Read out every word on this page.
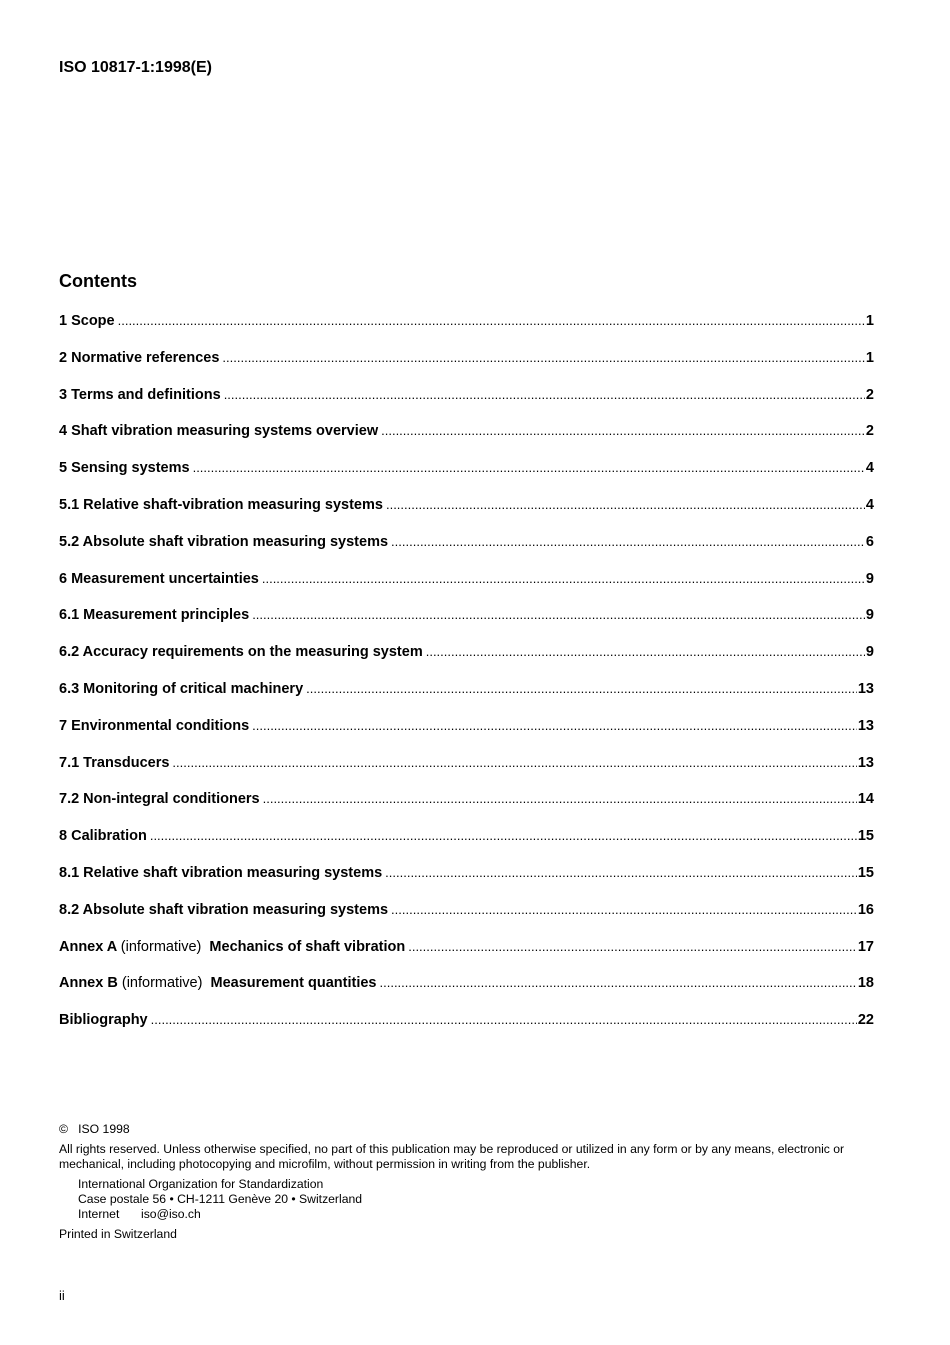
ISO 10817-1:1998(E)
Contents
1 Scope .....	1
2 Normative references .....	1
3 Terms and definitions .....	2
4 Shaft vibration measuring systems overview .....	2
5 Sensing systems .....	4
5.1 Relative shaft-vibration measuring systems .....	4
5.2 Absolute shaft vibration measuring systems .....	6
6 Measurement uncertainties .....	9
6.1 Measurement principles .....	9
6.2 Accuracy requirements on the measuring system .....	9
6.3 Monitoring of critical machinery .....	13
7 Environmental conditions .....	13
7.1 Transducers .....	13
7.2 Non-integral conditioners .....	14
8 Calibration .....	15
8.1 Relative shaft vibration measuring systems .....	15
8.2 Absolute shaft vibration measuring systems .....	16
Annex A (informative) Mechanics of shaft vibration .....	17
Annex B (informative) Measurement quantities .....	18
Bibliography .....	22

© ISO 1998

All rights reserved. Unless otherwise specified, no part of this publication may be reproduced or utilized in any form or by any means, electronic or mechanical, including photocopying and microfilm, without permission in writing from the publisher.

International Organization for Standardization

Case postale 56 • CH-1211 Genève 20 • Switzerland

Internet iso@iso.ch

Printed in Switzerland

ii
